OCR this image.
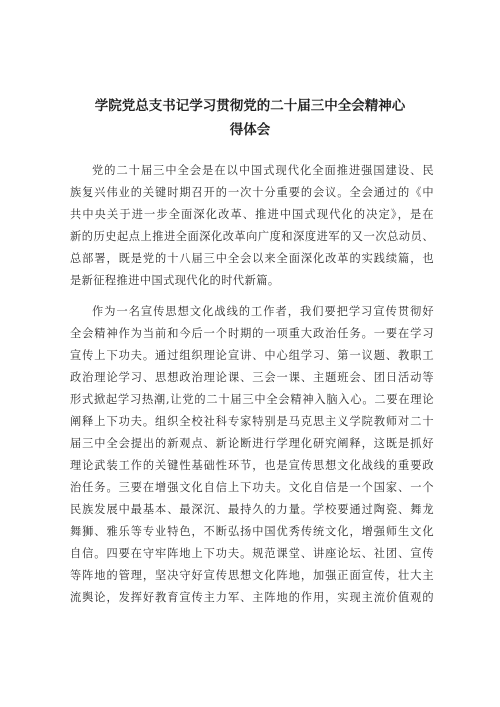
学院党总支书记学习贯彻党的二十届三中全会精神心
得体会
党的二十届三中全会是在以中国式现代化全面推进强国建设、民
族复兴伟业的关键时期召开的一次十分重要的会议。全会通过的《中
共中央关于进一步全面深化改革、推进中国式现代化的决定》，是在
新的历史起点上推进全面深化改革向广度和深度进军的又一次总动员、
总部署，既是党的十八届三中全会以来全面深化改革的实践续篇，也
是新征程推进中国式现代化的时代新篇。
作为一名宣传思想文化战线的工作者，我们要把学习宣传贯彻好
全会精神作为当前和今后一个时期的一项重大政治任务。一要在学习
宣传上下功夫。通过组织理论宣讲、中心组学习、第一议题、教职工
政治理论学习、思想政治理论课、三会一课、主题班会、团日活动等
形式掀起学习热潮,让党的二十届三中全会精神入脑入心。二要在理论
阐释上下功夫。组织全校社科专家特别是马克思主义学院教师对二十
届三中全会提出的新观点、新论断进行学理化研究阐释，这既是抓好
理论武装工作的关键性基础性环节，也是宣传思想文化战线的重要政
治任务。三要在增强文化自信上下功夫。文化自信是一个国家、一个
民族发展中最基本、最深沉、最持久的力量。学校要通过陶瓷、舞龙
舞狮、雅乐等专业特色，不断弘扬中国优秀传统文化，增强师生文化
自信。四要在守牢阵地上下功夫。规范课堂、讲座论坛、社团、宣传
等阵地的管理，坚决守好宣传思想文化阵地，加强正面宣传，壮大主
流舆论，发挥好教育宣传主力军、主阵地的作用，实现主流价值观的
